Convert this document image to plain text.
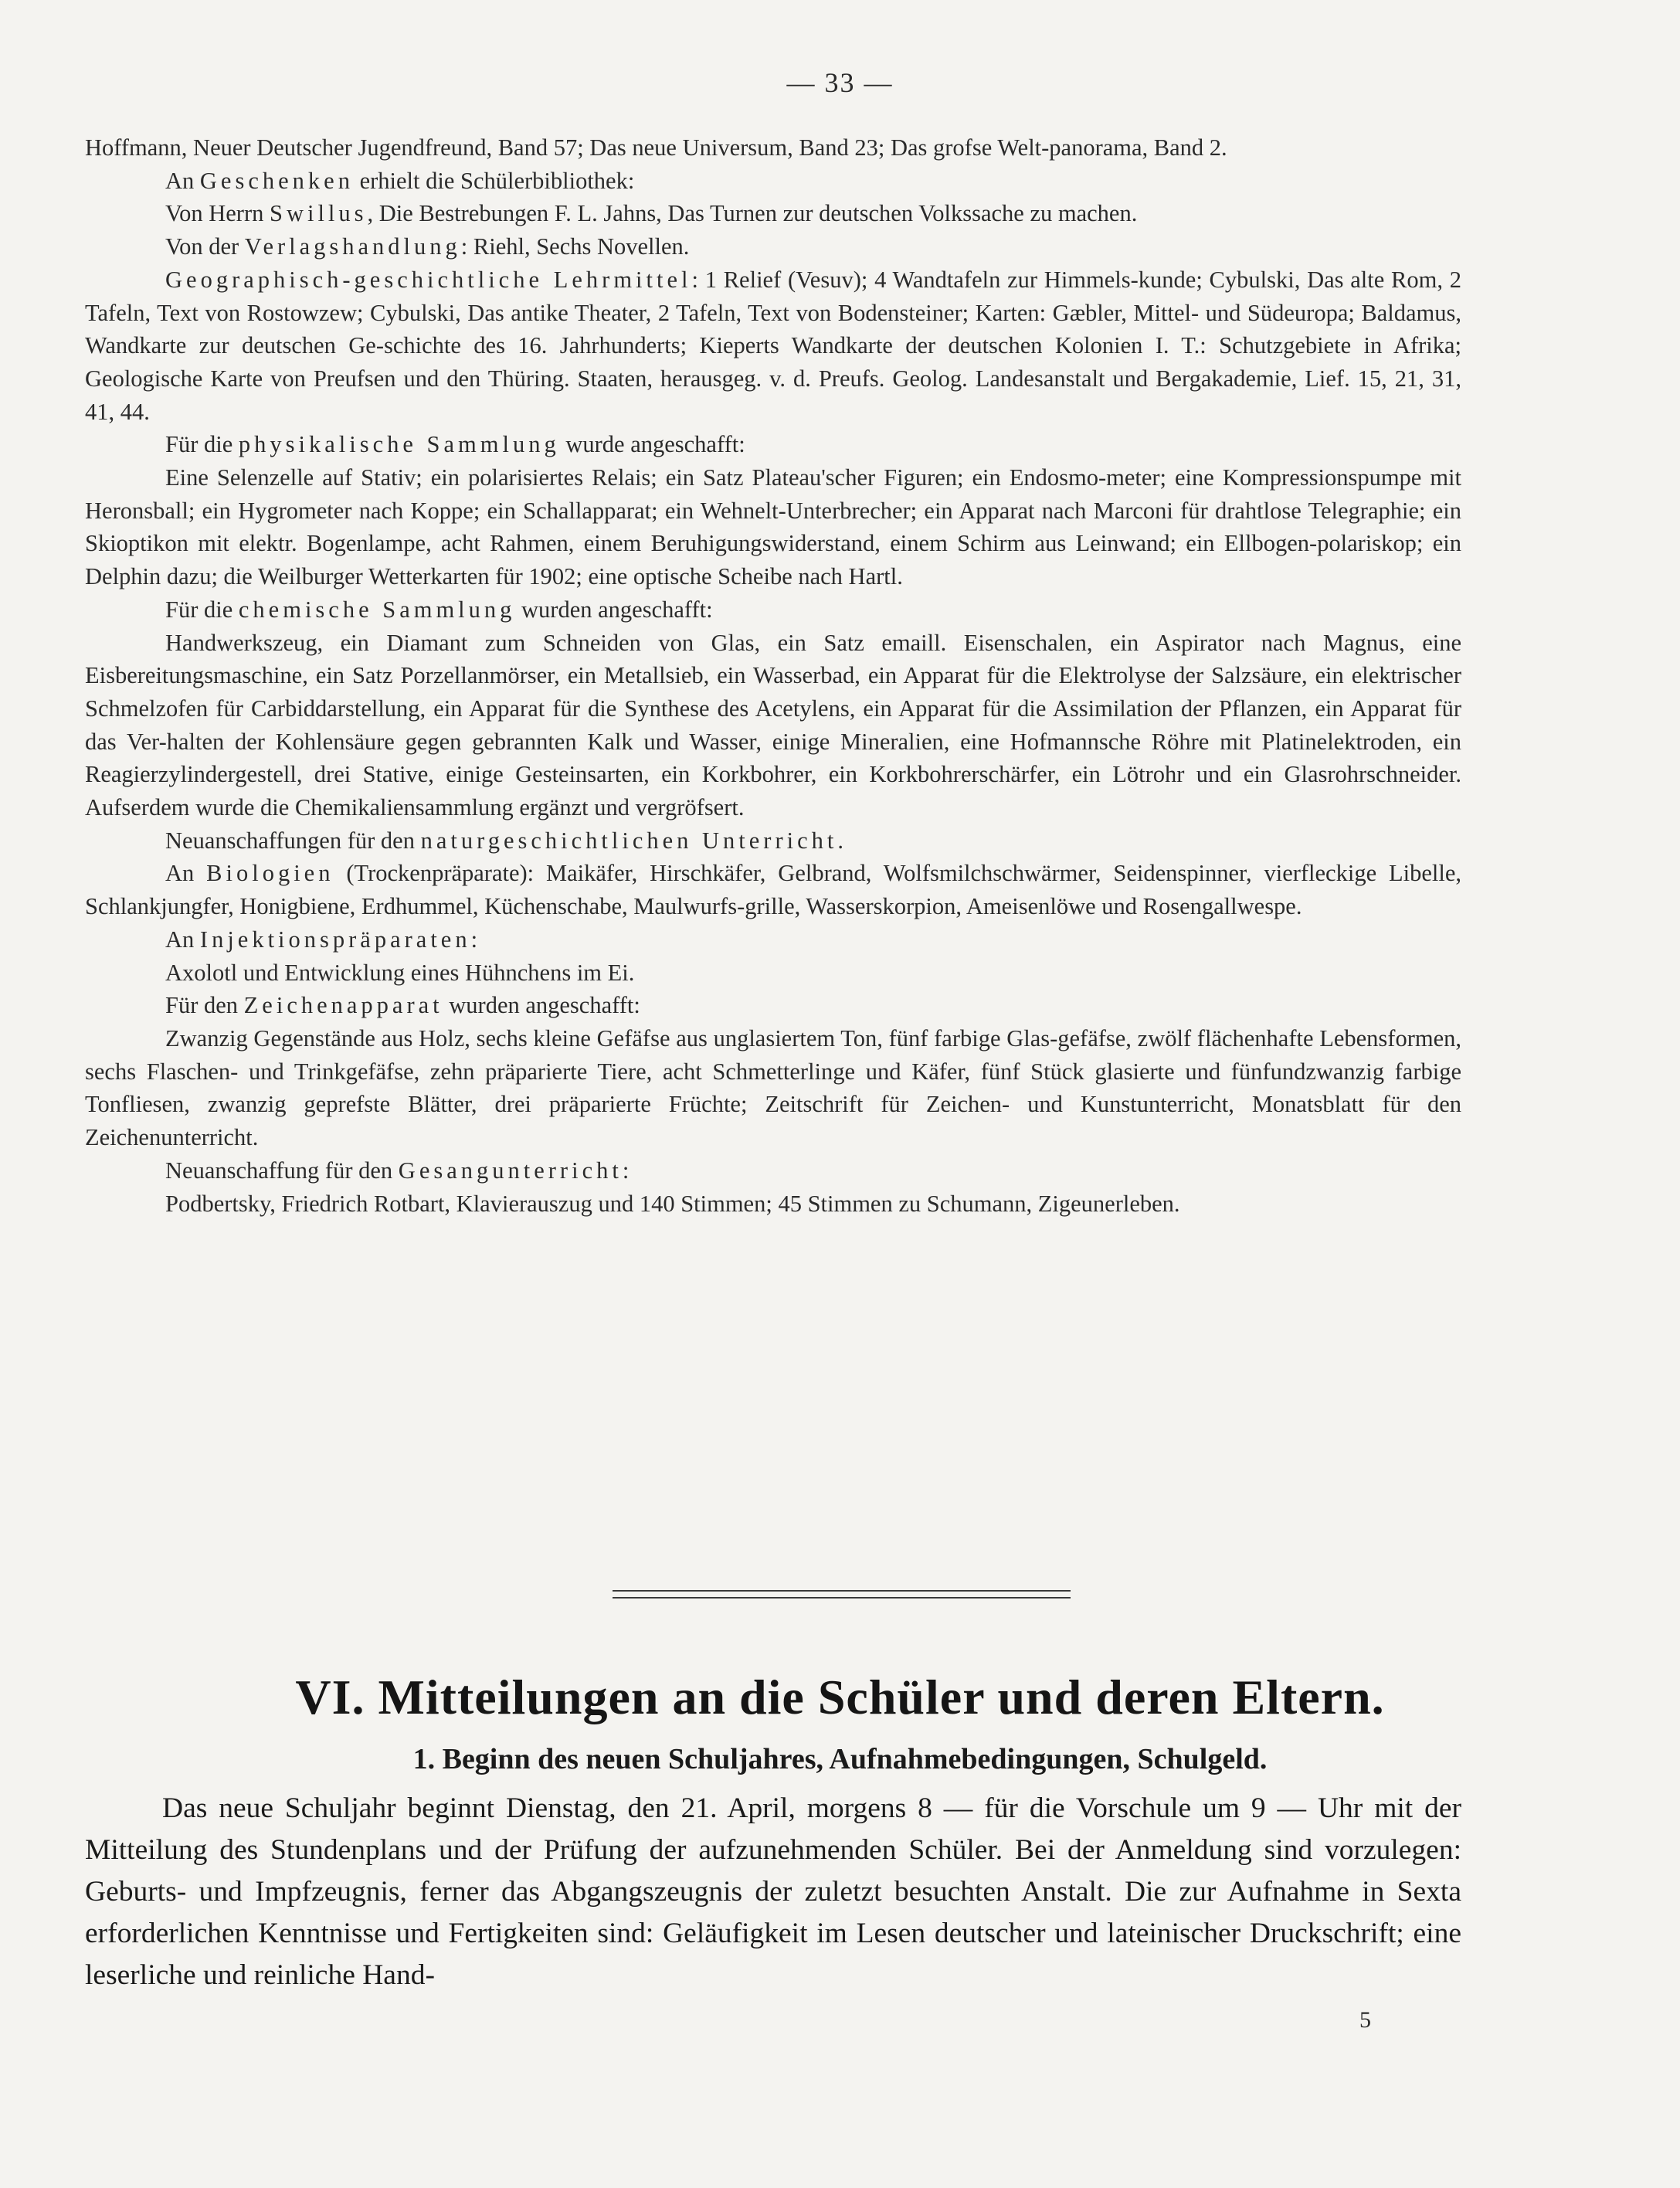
— 33 —

Hoffmann, Neuer Deutscher Jugendfreund, Band 57; Das neue Universum, Band 23; Das grofse Welt-panorama, Band 2.

An Geschenken erhielt die Schülerbibliothek:

Von Herrn Swillus, Die Bestrebungen F. L. Jahns, Das Turnen zur deutschen Volkssache zu machen.

Von der Verlagshandlung: Riehl, Sechs Novellen.

Geographisch-geschichtliche Lehrmittel: 1 Relief (Vesuv); 4 Wandtafeln zur Himmels-kunde; Cybulski, Das alte Rom, 2 Tafeln, Text von Rostowzew; Cybulski, Das antike Theater, 2 Tafeln, Text von Bodensteiner; Karten: Gæbler, Mittel- und Südeuropa; Baldamus, Wandkarte zur deutschen Ge-schichte des 16. Jahrhunderts; Kieperts Wandkarte der deutschen Kolonien I. T.: Schutzgebiete in Afrika; Geologische Karte von Preufsen und den Thüring. Staaten, herausgeg. v. d. Preufs. Geolog. Landesanstalt und Bergakademie, Lief. 15, 21, 31, 41, 44.

Für die physikalische Sammlung wurde angeschafft:

Eine Selenzelle auf Stativ; ein polarisiertes Relais; ein Satz Plateau'scher Figuren; ein Endosmo-meter; eine Kompressionspumpe mit Heronsball; ein Hygrometer nach Koppe; ein Schallapparat; ein Wehnelt-Unterbrecher; ein Apparat nach Marconi für drahtlose Telegraphie; ein Skioptikon mit elektr. Bogenlampe, acht Rahmen, einem Beruhigungswiderstand, einem Schirm aus Leinwand; ein Ellbogen-polariskop; ein Delphin dazu; die Weilburger Wetterkarten für 1902; eine optische Scheibe nach Hartl.

Für die chemische Sammlung wurden angeschafft:

Handwerkszeug, ein Diamant zum Schneiden von Glas, ein Satz emaill. Eisenschalen, ein Aspirator nach Magnus, eine Eisbereitungsmaschine, ein Satz Porzellanmörser, ein Metallsieb, ein Wasserbad, ein Apparat für die Elektrolyse der Salzsäure, ein elektrischer Schmelzofen für Carbiddarstellung, ein Apparat für die Synthese des Acetylens, ein Apparat für die Assimilation der Pflanzen, ein Apparat für das Ver-halten der Kohlensäure gegen gebrannten Kalk und Wasser, einige Mineralien, eine Hofmannsche Röhre mit Platinelektroden, ein Reagierzylindergestell, drei Stative, einige Gesteinsarten, ein Korkbohrer, ein Korkbohrerschärfer, ein Lötrohr und ein Glasrohrschneider. Aufserdem wurde die Chemikaliensammlung ergänzt und vergröfsert.

Neuanschaffungen für den naturgeschichtlichen Unterricht.

An Biologien (Trockenpräparate): Maikäfer, Hirschkäfer, Gelbrand, Wolfsmilchschwärmer, Seidenspinner, vierfleckige Libelle, Schlankjungfer, Honigbiene, Erdhummel, Küchenschabe, Maulwurfs-grille, Wasserskorpion, Ameisenlöwe und Rosengallwespe.

An Injektionspräparaten:

Axolotl und Entwicklung eines Hühnchens im Ei.

Für den Zeichenapparat wurden angeschafft:

Zwanzig Gegenstände aus Holz, sechs kleine Gefäfse aus unglasiertem Ton, fünf farbige Glas-gefäfse, zwölf flächenhafte Lebensformen, sechs Flaschen- und Trinkgefäfse, zehn präparierte Tiere, acht Schmetterlinge und Käfer, fünf Stück glasierte und fünfundzwanzig farbige Tonfliesen, zwanzig geprefste Blätter, drei präparierte Früchte; Zeitschrift für Zeichen- und Kunstunterricht, Monatsblatt für den Zeichenunterricht.

Neuanschaffung für den Gesangunterricht:

Podbertsky, Friedrich Rotbart, Klavierauszug und 140 Stimmen; 45 Stimmen zu Schumann, Zigeunerleben.

VI. Mitteilungen an die Schüler und deren Eltern.
1. Beginn des neuen Schuljahres, Aufnahmebedingungen, Schulgeld.

Das neue Schuljahr beginnt Dienstag, den 21. April, morgens 8 — für die Vorschule um 9 — Uhr mit der Mitteilung des Stundenplans und der Prüfung der aufzunehmenden Schüler. Bei der Anmeldung sind vorzulegen: Geburts- und Impfzeugnis, ferner das Abgangszeugnis der zuletzt besuchten Anstalt. Die zur Aufnahme in Sexta erforderlichen Kenntnisse und Fertigkeiten sind: Geläufigkeit im Lesen deutscher und lateinischer Druckschrift; eine leserliche und reinliche Hand-

5
